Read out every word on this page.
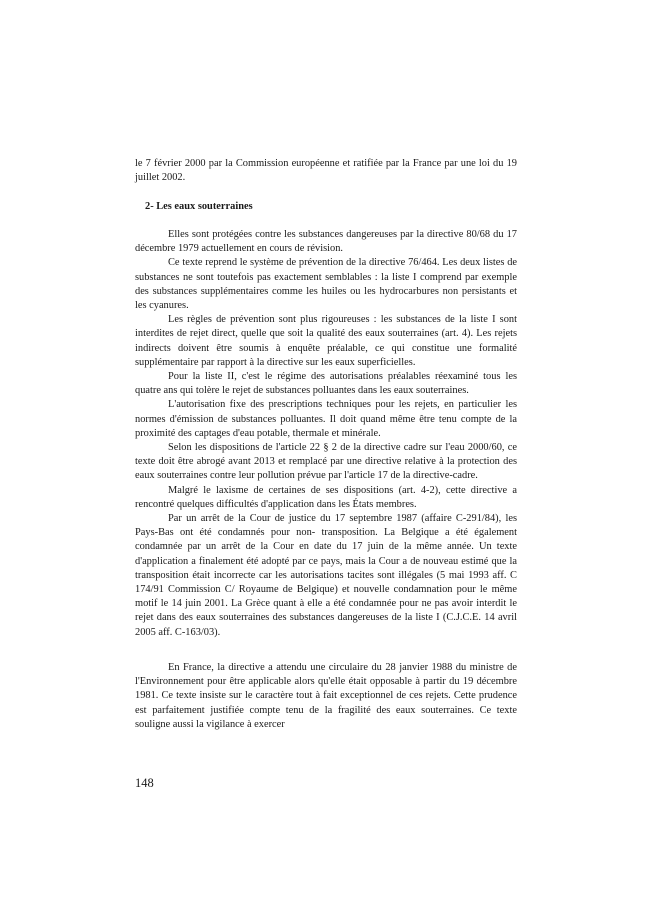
le 7 février 2000 par la Commission européenne et ratifiée par la France par une loi du 19 juillet 2002.

2- Les eaux souterraines

Elles sont protégées contre les substances dangereuses par la directive 80/68 du 17 décembre 1979 actuellement en cours de révision.

Ce texte reprend le système de prévention de la directive 76/464. Les deux listes de substances ne sont toutefois pas exactement semblables : la liste I comprend par exemple des substances supplémentaires comme les huiles ou les hydrocarbures non persistants et les cyanures.

Les règles de prévention sont plus rigoureuses : les substances de la liste I sont interdites de rejet direct, quelle que soit la qualité des eaux souterraines (art. 4). Les rejets indirects doivent être soumis à enquête préalable, ce qui constitue une formalité supplémentaire par rapport à la directive sur les eaux superficielles.

Pour la liste II, c'est le régime des autorisations préalables réexaminé tous les quatre ans qui tolère le rejet de substances polluantes dans les eaux souterraines.

L'autorisation fixe des prescriptions techniques pour les rejets, en particulier les normes d'émission de substances polluantes. Il doit quand même être tenu compte de la proximité des captages d'eau potable, thermale et minérale.

Selon les dispositions de l'article 22 § 2 de la directive cadre sur l'eau 2000/60, ce texte doit être abrogé avant 2013 et remplacé par une directive relative à la protection des eaux souterraines contre leur pollution prévue par l'article 17 de la directive-cadre.

Malgré le laxisme de certaines de ses dispositions (art. 4-2), cette directive a rencontré quelques difficultés d'application dans les États membres.

Par un arrêt de la Cour de justice du 17 septembre 1987 (affaire C-291/84), les Pays-Bas ont été condamnés pour non- transposition. La Belgique a été également condamnée par un arrêt de la Cour en date du 17 juin de la même année. Un texte d'application a finalement été adopté par ce pays, mais la Cour a de nouveau estimé que la transposition était incorrecte car les autorisations tacites sont illégales (5 mai 1993 aff. C 174/91 Commission C/ Royaume de Belgique) et nouvelle condamnation pour le même motif le 14 juin 2001. La Grèce quant à elle a été condamnée pour ne pas avoir interdit le rejet dans des eaux souterraines des substances dangereuses de la liste I (C.J.C.E. 14 avril 2005 aff. C-163/03).

En France, la directive a attendu une circulaire du 28 janvier 1988 du ministre de l'Environnement pour être applicable alors qu'elle était opposable à partir du 19 décembre 1981. Ce texte insiste sur le caractère tout à fait exceptionnel de ces rejets. Cette prudence est parfaitement justifiée compte tenu de la fragilité des eaux souterraines. Ce texte souligne aussi la vigilance à exercer

148
